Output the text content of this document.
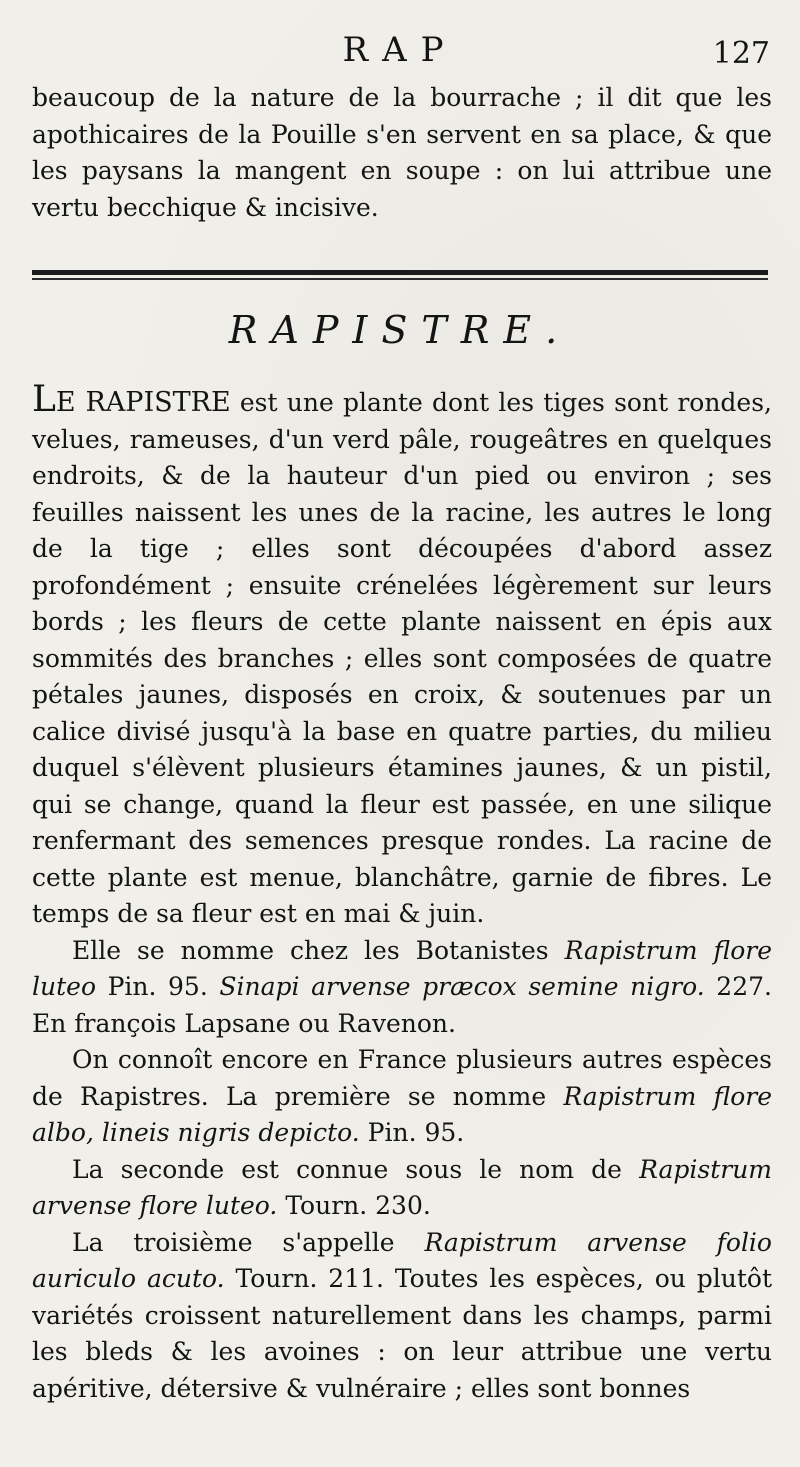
RAP	127
beaucoup de la nature de la bourrache ; il dit que les apothicaires de la Pouille s'en servent en sa place, & que les paysans la mangent en soupe : on lui attribue une vertu becchique & incisive.
RAPISTRE.

LE RAPISTRE est une plante dont les tiges sont rondes, velues, rameuses, d'un verd pâle, rougeâtres en quelques endroits, & de la hauteur d'un pied ou environ ; ses feuilles naissent les unes de la racine, les autres le long de la tige ; elles sont découpées d'abord assez profondément ; ensuite crénelées légèrement sur leurs bords ; les fleurs de cette plante naissent en épis aux sommités des branches ; elles sont composées de quatre pétales jaunes, disposés en croix, & soutenues par un calice divisé jusqu'à la base en quatre parties, du milieu duquel s'élèvent plusieurs étamines jaunes, & un pistil, qui se change, quand la fleur est passée, en une silique renfermant des semences presque rondes. La racine de cette plante est menue, blanchâtre, garnie de fibres. Le temps de sa fleur est en mai & juin.

Elle se nomme chez les Botanistes Rapistrum flore luteo Pin. 95. Sinapi arvense præcox semine nigro. 227. En françois Lapsane ou Ravenon.

On connoît encore en France plusieurs autres espèces de Rapistres. La première se nomme Rapistrum flore albo, lineis nigris depicto. Pin. 95.

La seconde est connue sous le nom de Rapistrum arvense flore luteo. Tourn. 230.

La troisième s'appelle Rapistrum arvense folio auriculo acuto. Tourn. 211. Toutes les espèces, ou plutôt variétés croissent naturellement dans les champs, parmi les bleds & les avoines : on leur attribue une vertu apéritive, détersive & vulnéraire ; elles sont bonnes
